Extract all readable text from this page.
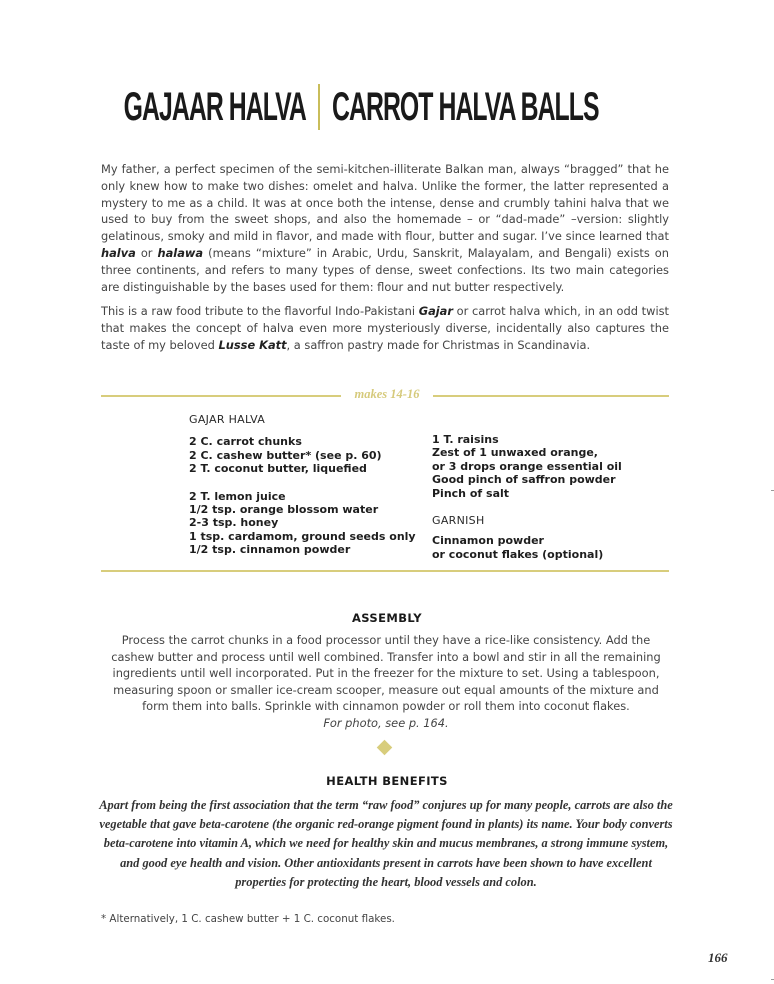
GAJAAR HALVA CARROT HALVA BALLS
My father, a perfect specimen of the semi-kitchen-illiterate Balkan man, always “bragged” that he only knew how to make two dishes: omelet and halva. Unlike the former, the latter represented a mystery to me as a child. It was at once both the intense, dense and crumbly tahini halva that we used to buy from the sweet shops, and also the homemade – or “dad-made” –version: slightly gelatinous, smoky and mild in flavor, and made with flour, butter and sugar. I’ve since learned that halva or halawa (means “mixture” in Arabic, Urdu, Sanskrit, Malayalam, and Bengali) exists on three continents, and refers to many types of dense, sweet confections. Its two main categories are distinguishable by the bases used for them: flour and nut butter respectively.
This is a raw food tribute to the flavorful Indo-Pakistani Gajar or carrot halva which, in an odd twist that makes the concept of halva even more mysteriously diverse, incidentally also captures the taste of my beloved Lusse Katt, a saffron pastry made for Christmas in Scandinavia.
makes 14-16
GAJAR HALVA
2 C. carrot chunks
2 C. cashew butter* (see p. 60)
2 T. coconut butter, liquefied
2 T. lemon juice
1/2 tsp. orange blossom water
2-3 tsp. honey
1 tsp. cardamom, ground seeds only
1/2 tsp. cinnamon powder
1 T. raisins
Zest of 1 unwaxed orange,
or 3 drops orange essential oil
Good pinch of saffron powder
Pinch of salt
GARNISH
Cinnamon powder
or coconut flakes (optional)
ASSEMBLY
Process the carrot chunks in a food processor until they have a rice-like consistency. Add the cashew butter and process until well combined. Transfer into a bowl and stir in all the remaining ingredients until well incorporated. Put in the freezer for the mixture to set. Using a tablespoon, measuring spoon or smaller ice-cream scooper, measure out equal amounts of the mixture and form them into balls. Sprinkle with cinnamon powder or roll them into coconut flakes.
For photo, see p. 164.
HEALTH BENEFITS
Apart from being the first association that the term “raw food” conjures up for many people, carrots are also the vegetable that gave beta-carotene (the organic red-orange pigment found in plants) its name. Your body converts beta-carotene into vitamin A, which we need for healthy skin and mucus membranes, a strong immune system, and good eye health and vision. Other antioxidants present in carrots have been shown to have excellent properties for protecting the heart, blood vessels and colon.
* Alternatively, 1 C. cashew butter + 1 C. coconut flakes.
166
